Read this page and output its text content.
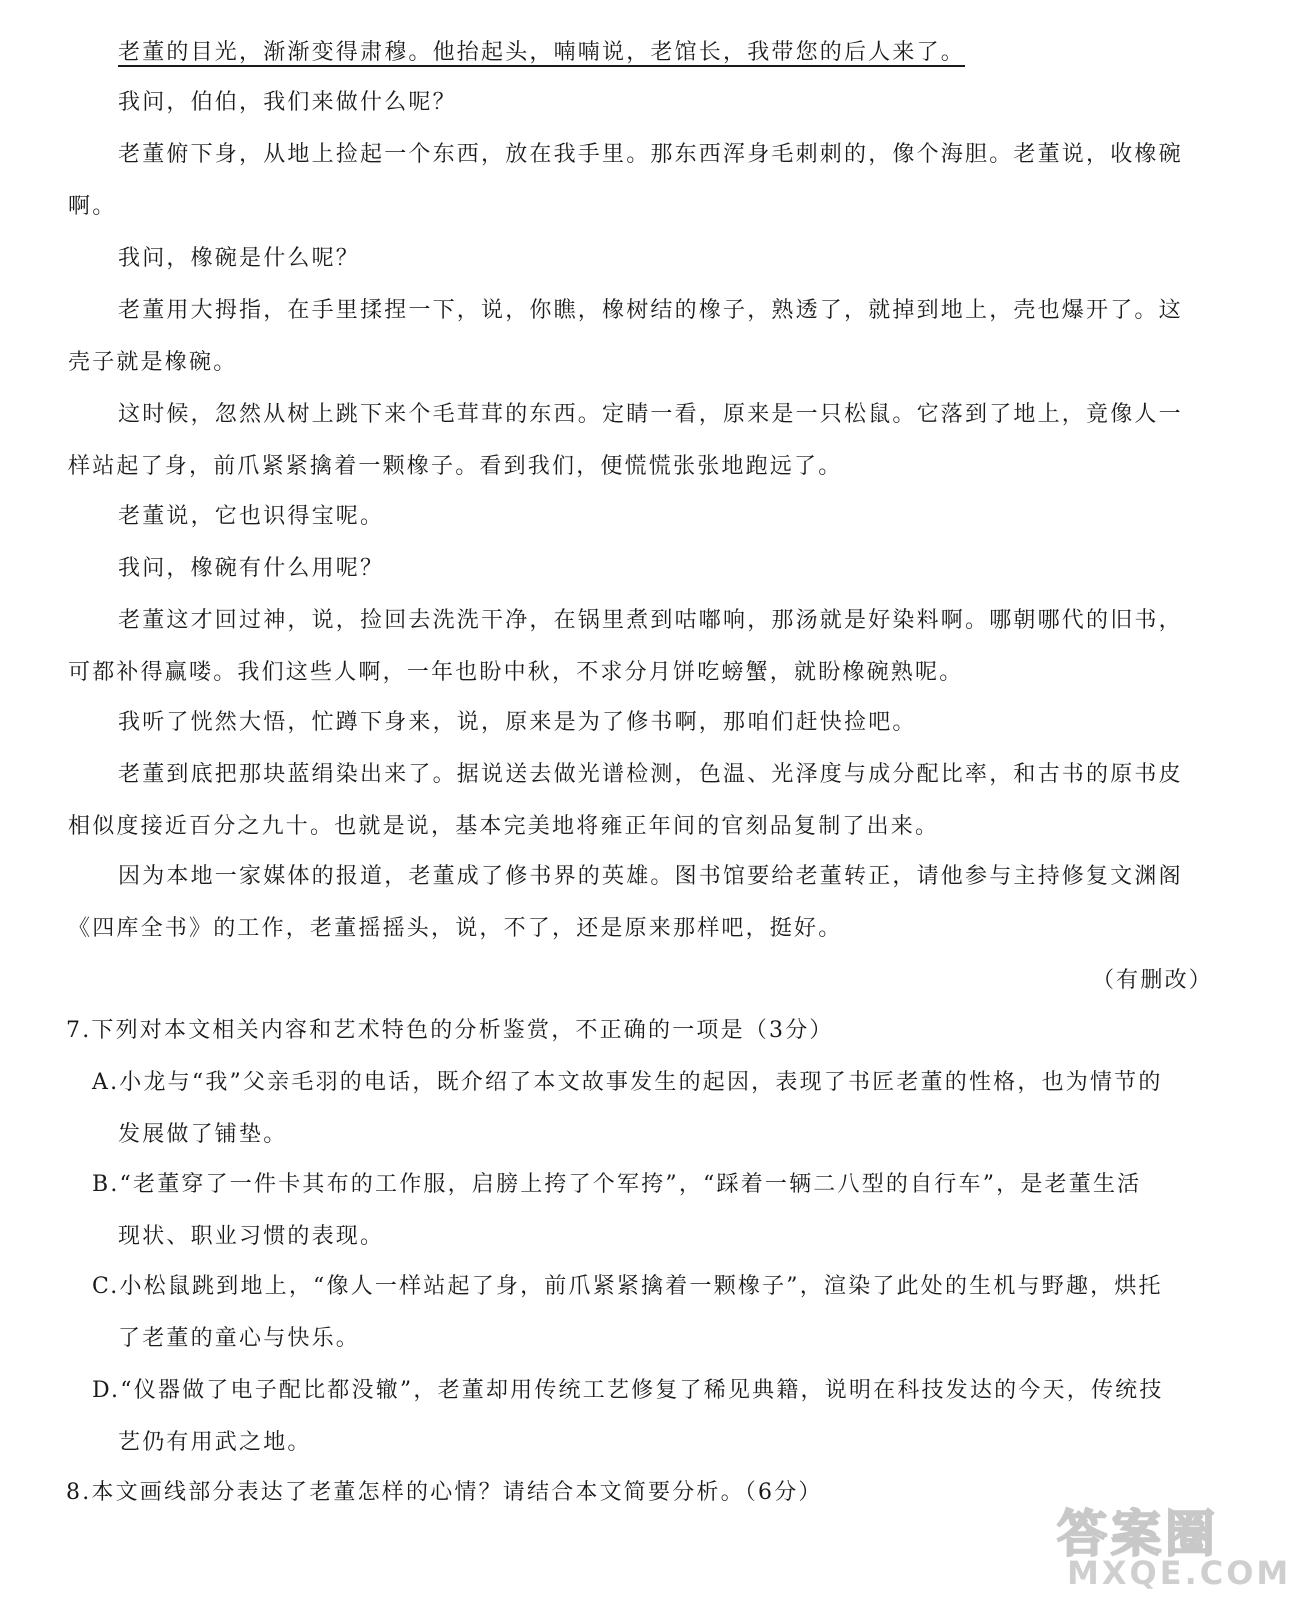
老董的目光，渐渐变得肃穆。他抬起头，喃喃说，老馆长，我带您的后人来了。
我问，伯伯，我们来做什么呢？
老董俯下身，从地上捡起一个东西，放在我手里。那东西浑身毛刺刺的，像个海胆。老董说，收橡碗
啊。
我问，橡碗是什么呢？
老董用大拇指，在手里揉捏一下，说，你瞧，橡树结的橡子，熟透了，就掉到地上，壳也爆开了。这
壳子就是橡碗。
这时候，忽然从树上跳下来个毛茸茸的东西。定睛一看，原来是一只松鼠。它落到了地上，竟像人一
样站起了身，前爪紧紧擒着一颗橡子。看到我们，便慌慌张张地跑远了。
老董说，它也识得宝呢。
我问，橡碗有什么用呢？
老董这才回过神，说，捡回去洗洗干净，在锅里煮到咕嘟响，那汤就是好染料啊。哪朝哪代的旧书，
可都补得赢喽。我们这些人啊，一年也盼中秋，不求分月饼吃螃蟹，就盼橡碗熟呢。
我听了恍然大悟，忙蹲下身来，说，原来是为了修书啊，那咱们赶快捡吧。
老董到底把那块蓝绢染出来了。据说送去做光谱检测，色温、光泽度与成分配比率，和古书的原书皮
相似度接近百分之九十。也就是说，基本完美地将雍正年间的官刻品复制了出来。
因为本地一家媒体的报道，老董成了修书界的英雄。图书馆要给老董转正，请他参与主持修复文渊阁
《四库全书》的工作，老董摇摇头，说，不了，还是原来那样吧，挺好。
（有删改）
7.下列对本文相关内容和艺术特色的分析鉴赏，不正确的一项是（3分）
A.小龙与“我”父亲毛羽的电话，既介绍了本文故事发生的起因，表现了书匠老董的性格，也为情节的
发展做了铺垫。
B.“老董穿了一件卡其布的工作服，启膀上挎了个军挎”，“踩着一辆二八型的自行车”，是老董生活
现状、职业习惯的表现。
C.小松鼠跳到地上，“像人一样站起了身，前爪紧紧擒着一颗橡子”，渲染了此处的生机与野趣，烘托
了老董的童心与快乐。
D.“仪器做了电子配比都没辙”，老董却用传统工艺修复了稀见典籍，说明在科技发达的今天，传统技
艺仍有用武之地。
8.本文画线部分表达了老董怎样的心情？请结合本文简要分析。（6分）
答案圈
MXQE.COM
